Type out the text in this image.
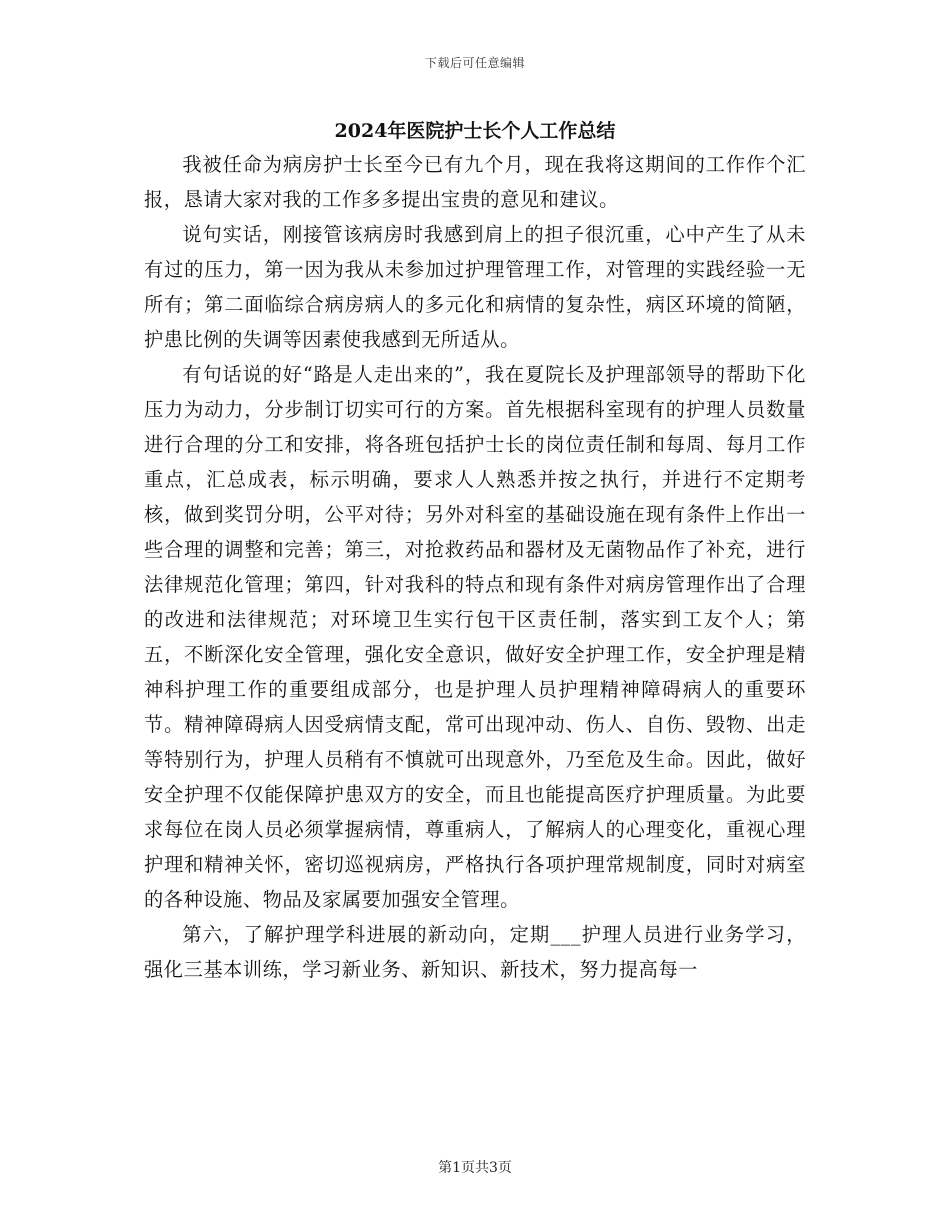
下载后可任意编辑
2024年医院护士长个人工作总结

我被任命为病房护士长至今已有九个月，现在我将这期间的工作作个汇报，恳请大家对我的工作多多提出宝贵的意见和建议。

说句实话，刚接管该病房时我感到肩上的担子很沉重，心中产生了从未有过的压力，第一因为我从未参加过护理管理工作，对管理的实践经验一无所有；第二面临综合病房病人的多元化和病情的复杂性，病区环境的简陋，护患比例的失调等因素使我感到无所适从。

有句话说的好“路是人走出来的”，我在夏院长及护理部领导的帮助下化压力为动力，分步制订切实可行的方案。首先根据科室现有的护理人员数量进行合理的分工和安排，将各班包括护士长的岗位责任制和每周、每月工作重点，汇总成表，标示明确，要求人人熟悉并按之执行，并进行不定期考核，做到奖罚分明，公平对待；另外对科室的基础设施在现有条件上作出一些合理的调整和完善；第三，对抢救药品和器材及无菌物品作了补充，进行法律规范化管理；第四，针对我科的特点和现有条件对病房管理作出了合理的改进和法律规范；对环境卫生实行包干区责任制，落实到工友个人；第五，不断深化安全管理，强化安全意识，做好安全护理工作，安全护理是精神科护理工作的重要组成部分，也是护理人员护理精神障碍病人的重要环节。精神障碍病人因受病情支配，常可出现冲动、伤人、自伤、毁物、出走等特别行为，护理人员稍有不慎就可出现意外，乃至危及生命。因此，做好安全护理不仅能保障护患双方的安全，而且也能提高医疗护理质量。为此要求每位在岗人员必须掌握病情，尊重病人，了解病人的心理变化，重视心理护理和精神关怀，密切巡视病房，严格执行各项护理常规制度，同时对病室的各种设施、物品及家属要加强安全管理。

第六，了解护理学科进展的新动向，定期___护理人员进行业务学习，强化三基本训练，学习新业务、新知识、新技术，努力提高每一

第1页共3页
